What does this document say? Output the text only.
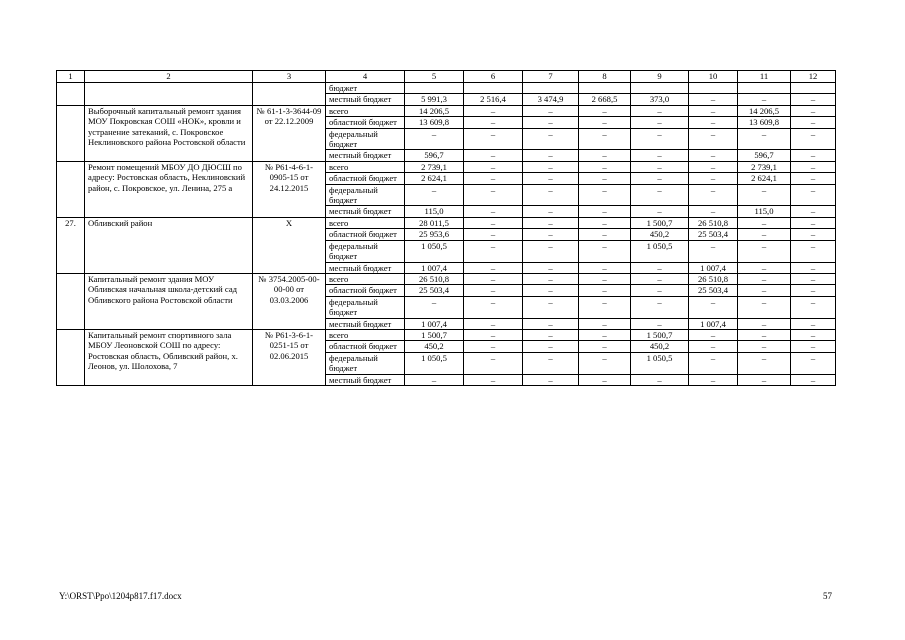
1	2	3	4	5	6	7	8	9	10	11	12
			бюджет								
			местный бюджет	5 991,3	2 516,4	3 474,9	2 668,5	373,0	–	–	–
	Выборочный капитальный ремонт здания МОУ Покровская СОШ «НОК», кровли и устранение затеканий, с. Покровское Неклиновского района Ростовской области	№ 61-1-3-3644-09 от 22.12.2009	всего	14 206,5	–	–	–	–	–	14 206,5	–
			областной бюджет	13 609,8	–	–	–	–	–	13 609,8	–
			федеральный бюджет	–	–	–	–	–	–	–	–
			местный бюджет	596,7	–	–	–	–	–	596,7	–
	Ремонт помещений МБОУ ДО ДЮСШ по адресу: Ростовская область, Неклиновский район, с. Покровское, ул. Ленина, 275 а	№ Р61-4-6-1-0905-15 от 24.12.2015	всего	2 739,1	–	–	–	–	–	2 739,1	–
			областной бюджет	2 624,1	–	–	–	–	–	2 624,1	–
			федеральный бюджет	–	–	–	–	–	–	–	–
			местный бюджет	115,0	–	–	–	–	–	115,0	–
27.	Обливский район	Х	всего	28 011,5	–	–	–	1 500,7	26 510,8	–	–
			областной бюджет	25 953,6	–	–	–	450,2	25 503,4	–	–
			федеральный бюджет	1 050,5	–	–	–	1 050,5	–	–	–
			местный бюджет	1 007,4	–	–	–	–	1 007,4	–	–
	Капитальный ремонт здания МОУ Обливская начальная школа-детский сад Обливского района Ростовской области	№ 3754.2005-00-00-00 от 03.03.2006	всего	26 510,8	–	–	–	–	26 510,8	–	–
			областной бюджет	25 503,4	–	–	–	–	25 503,4	–	–
			федеральный бюджет	–	–	–	–	–	–	–	–
			местный бюджет	1 007,4	–	–	–	–	1 007,4	–	–
	Капитальный ремонт спортивного зала МБОУ Леоновской СОШ по адресу: Ростовская область, Обливский район, х. Леонов, ул. Шолохова, 7	№ Р61-3-6-1-0251-15 от 02.06.2015	всего	1 500,7	–	–	–	1 500,7	–	–	–
			областной бюджет	450,2	–	–	–	450,2	–	–	–
			федеральный бюджет	1 050,5	–	–	–	1 050,5	–	–	–
			местный бюджет	–	–	–	–	–	–	–	–
Y:\ORST\Ppo\1204p817.f17.docx	57
